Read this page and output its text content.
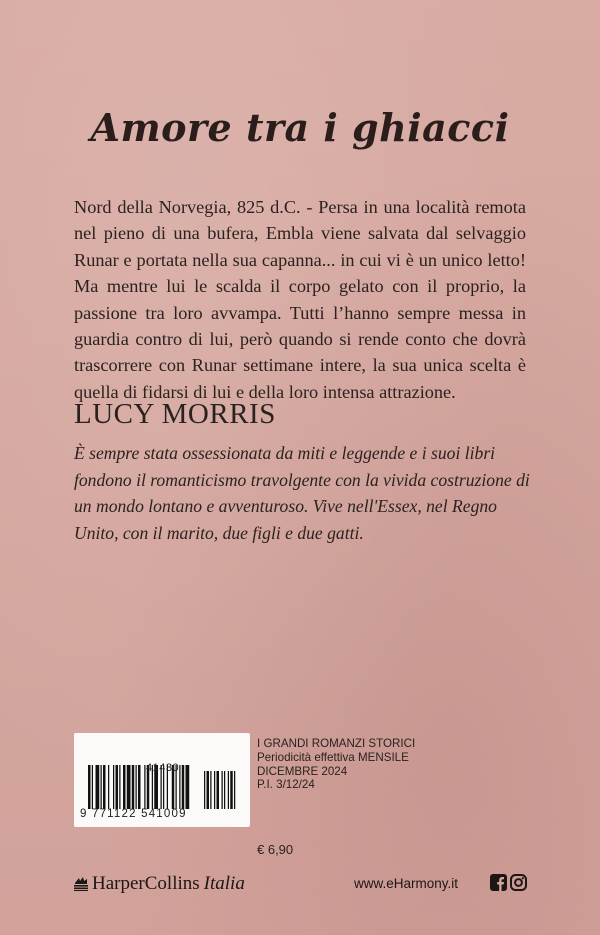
Amore tra i ghiacci
Nord della Norvegia, 825 d.C. - Persa in una località remota nel pieno di una bufera, Embla viene salvata dal selvaggio Runar e portata nella sua capanna... in cui vi è un unico letto! Ma mentre lui le scalda il corpo gelato con il proprio, la passione tra loro avvampa. Tutti l’hanno sempre messa in guardia contro di lui, però quando si rende conto che dovrà trascorrere con Runar settimane intere, la sua unica scelta è quella di fidarsi di lui e della loro intensa attrazione.
LUCY MORRIS
È sempre stata ossessionata da miti e leggende e i suoi libri fondono il romanticismo travolgente con la vivida costruzione di un mondo lontano e avventuroso. Vive nell'Essex, nel Regno Unito, con il marito, due figli e due gatti.
41430
9 771122 541009
I GRANDI ROMANZI STORICI
Periodicità effettiva MENSILE
DICEMBRE 2024
P.I. 3/12/24
€ 6,90
HarperCollins Italia	www.eHarmony.it
